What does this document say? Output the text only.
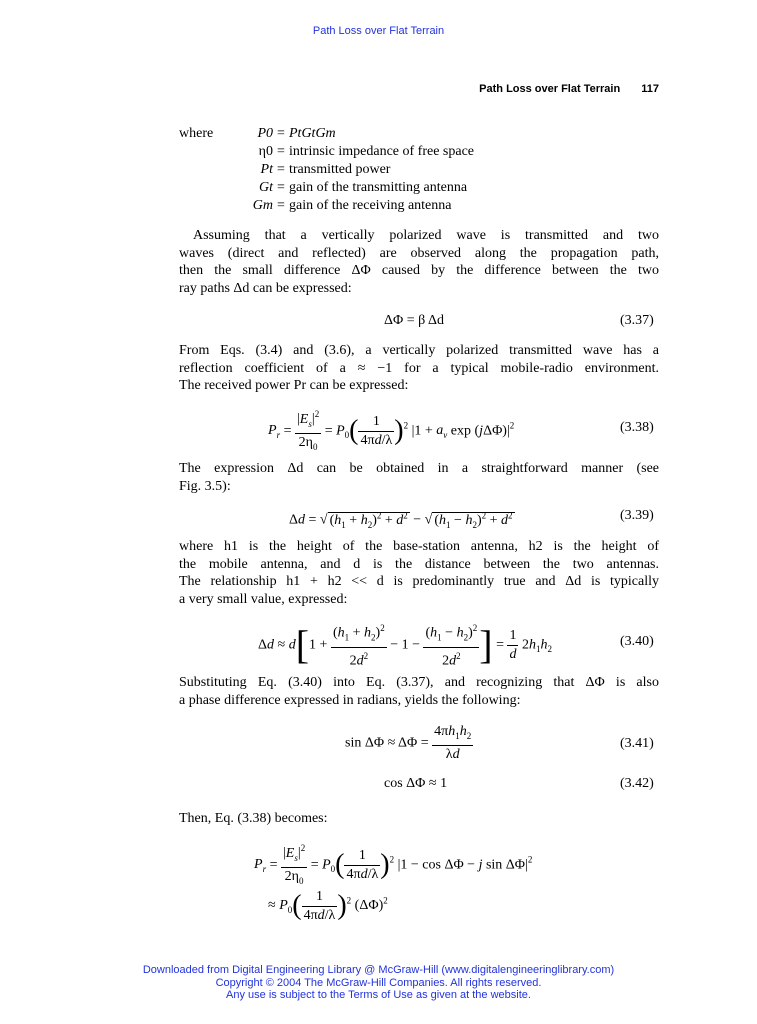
Path Loss over Flat Terrain
Path Loss over Flat Terrain 117
where	P0	=	PtGtGm
	η0	=	intrinsic impedance of free space
	Pt	=	transmitted power
	Gt	=	gain of the transmitting antenna
	Gm	=	gain of the receiving antenna
Assuming that a vertically polarized wave is transmitted and two
waves (direct and reflected) are observed along the propagation path,
then the small difference ΔΦ caused by the difference between the two
ray paths Δd can be expressed:
ΔΦ = β Δd	(3.37)
From Eqs. (3.4) and (3.6), a vertically polarized transmitted wave has a
reflection coefficient of a ≈ −1 for a typical mobile-radio environment.
The received power Pr can be expressed:
$P_r = \frac{|E_s|^2}{2\eta_0} = P_0( \frac{1}{4\pi d/\lambda} )^2$ $|1 + a_v$ $\exp (j\Delta\Phi)|^2$	(3.38)
The expression Δd can be obtained in a straightforward manner (see
Fig. 3.5):
Δd = √ $(h_1 + h_2)^2 + d^2$ − √ $(h_1 - h_2)^2 + d^2$	(3.39)
where h1 is the height of the base-station antenna, h2 is the height of
the mobile antenna, and d is the distance between the two antennas.
The relationship h1 + h2 << d is predominantly true and Δd is typically
a very small value, expressed:
$\Delta d \approx d[1 + \frac{(h_1 + h_2)^2}{2d^2} - 1 - \frac{(h_1 - h_2)^2}{2d^2}$ ] = $\frac{1}{d} 2h_1h_2$
(3.40)
Substituting Eq. (3.40) into Eq. (3.37), and recognizing that ΔΦ is also
a phase difference expressed in radians, yields the following:
$\sin \Delta\Phi \approx \Delta\Phi = \frac{4\pi h_1h_2}{\lambda d}$	(3.41)
cos ΔΦ ≈ 1	(3.42)
Then, Eq. (3.38) becomes:
$P_r = \frac{|E_s|^2}{2\eta_0} = P_0( \frac{1}{4\pi d/\lambda} )^2$ |1 − cos ΔΦ − j $\sin \Delta\Phi|^2$
≈ $P_0( \frac{1}{4\pi d/\lambda} )^2$ $(\Delta\Phi)^2$
Downloaded from Digital Engineering Library @ McGraw-Hill (www.digitalengineeringlibrary.com)
Copyright © 2004 The McGraw-Hill Companies. All rights reserved.
Any use is subject to the Terms of Use as given at the website.
